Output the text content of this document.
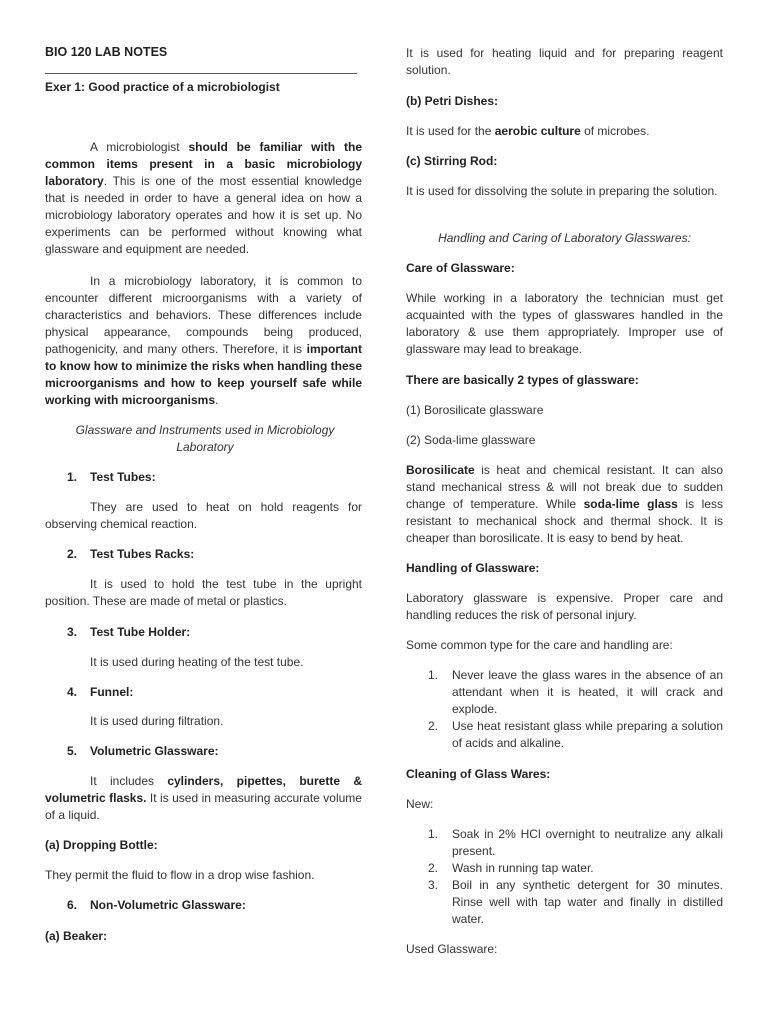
BIO 120 LAB NOTES
Exer 1: Good practice of a microbiologist

A microbiologist should be familiar with the common items present in a basic microbiology laboratory. This is one of the most essential knowledge that is needed in order to have a general idea on how a microbiology laboratory operates and how it is set up. No experiments can be performed without knowing what glassware and equipment are needed.

In a microbiology laboratory, it is common to encounter different microorganisms with a variety of characteristics and behaviors. These differences include physical appearance, compounds being produced, pathogenicity, and many others. Therefore, it is important to know how to minimize the risks when handling these microorganisms and how to keep yourself safe while working with microorganisms.

Glassware and Instruments used in Microbiology Laboratory

1. Test Tubes:

They are used to heat on hold reagents for observing chemical reaction.

2. Test Tubes Racks:

It is used to hold the test tube in the upright position. These are made of metal or plastics.

3. Test Tube Holder:

It is used during heating of the test tube.

4. Funnel:

It is used during filtration.

5. Volumetric Glassware:

It includes cylinders, pipettes, burette & volumetric flasks. It is used in measuring accurate volume of a liquid.

(a) Dropping Bottle:

They permit the fluid to flow in a drop wise fashion.

6. Non-Volumetric Glassware:

(a) Beaker:

It is used for heating liquid and for preparing reagent solution.

(b) Petri Dishes:

It is used for the aerobic culture of microbes.

(c) Stirring Rod:

It is used for dissolving the solute in preparing the solution.

Handling and Caring of Laboratory Glasswares:

Care of Glassware:

While working in a laboratory the technician must get acquainted with the types of glasswares handled in the laboratory & use them appropriately. Improper use of glassware may lead to breakage.

There are basically 2 types of glassware:

(1) Borosilicate glassware

(2) Soda-lime glassware

Borosilicate is heat and chemical resistant. It can also stand mechanical stress & will not break due to sudden change of temperature. While soda-lime glass is less resistant to mechanical shock and thermal shock. It is cheaper than borosilicate. It is easy to bend by heat.

Handling of Glassware:

Laboratory glassware is expensive. Proper care and handling reduces the risk of personal injury.

Some common type for the care and handling are:

1. Never leave the glass wares in the absence of an attendant when it is heated, it will crack and explode.
2. Use heat resistant glass while preparing a solution of acids and alkaline.

Cleaning of Glass Wares:

New:

1. Soak in 2% HCl overnight to neutralize any alkali present.
2. Wash in running tap water.
3. Boil in any synthetic detergent for 30 minutes. Rinse well with tap water and finally in distilled water.

Used Glassware:
